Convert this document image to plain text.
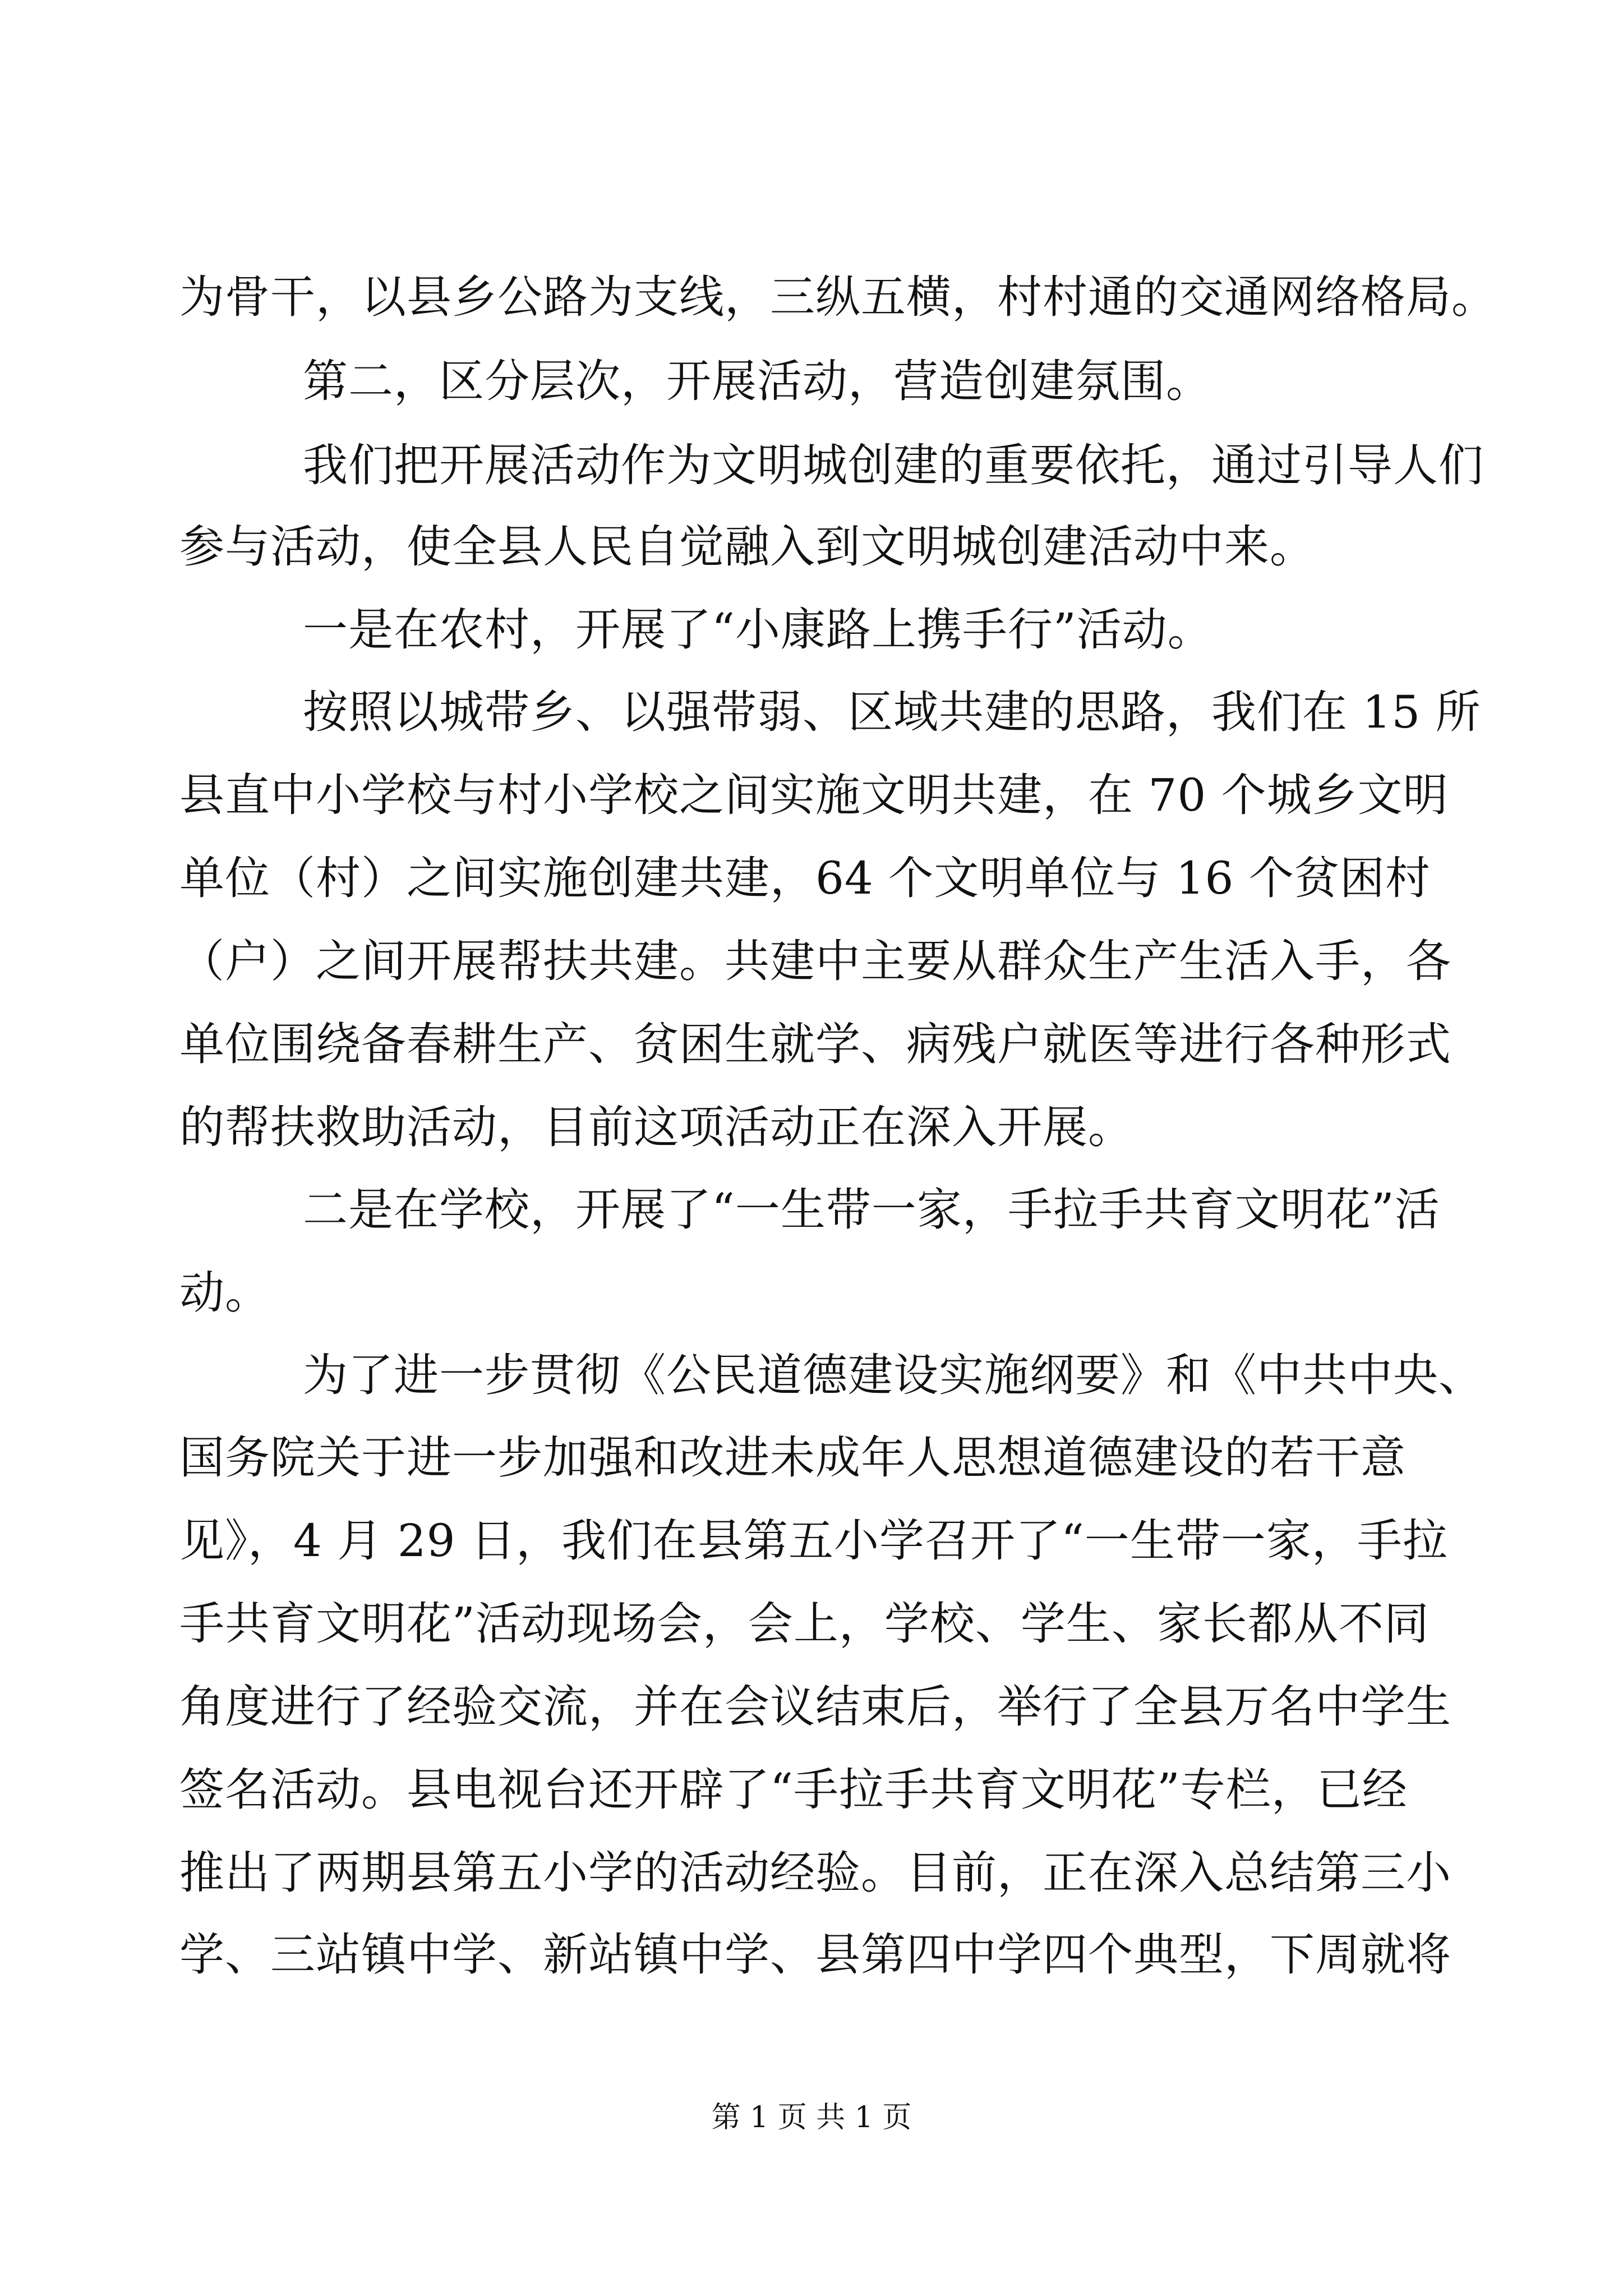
为骨干，以县乡公路为支线，三纵五横，村村通的交通网络格局。
第二，区分层次，开展活动，营造创建氛围。
我们把开展活动作为文明城创建的重要依托，通过引导人们
参与活动，使全县人民自觉融入到文明城创建活动中来。
一是在农村，开展了“小康路上携手行”活动。
按照以城带乡、以强带弱、区域共建的思路，我们在 15 所
县直中小学校与村小学校之间实施文明共建，在 70 个城乡文明
单位（村）之间实施创建共建，64 个文明单位与 16 个贫困村
（户）之间开展帮扶共建。共建中主要从群众生产生活入手，各
单位围绕备春耕生产、贫困生就学、病残户就医等进行各种形式
的帮扶救助活动，目前这项活动正在深入开展。
二是在学校，开展了“一生带一家，手拉手共育文明花”活
动。
为了进一步贯彻《公民道德建设实施纲要》和《中共中央、
国务院关于进一步加强和改进未成年人思想道德建设的若干意
见》，4 月 29 日，我们在县第五小学召开了“一生带一家，手拉
手共育文明花”活动现场会，会上，学校、学生、家长都从不同
角度进行了经验交流，并在会议结束后，举行了全县万名中学生
签名活动。县电视台还开辟了“手拉手共育文明花”专栏，已经
推出了两期县第五小学的活动经验。目前，正在深入总结第三小
学、三站镇中学、新站镇中学、县第四中学四个典型，下周就将
第 1 页 共 1 页
